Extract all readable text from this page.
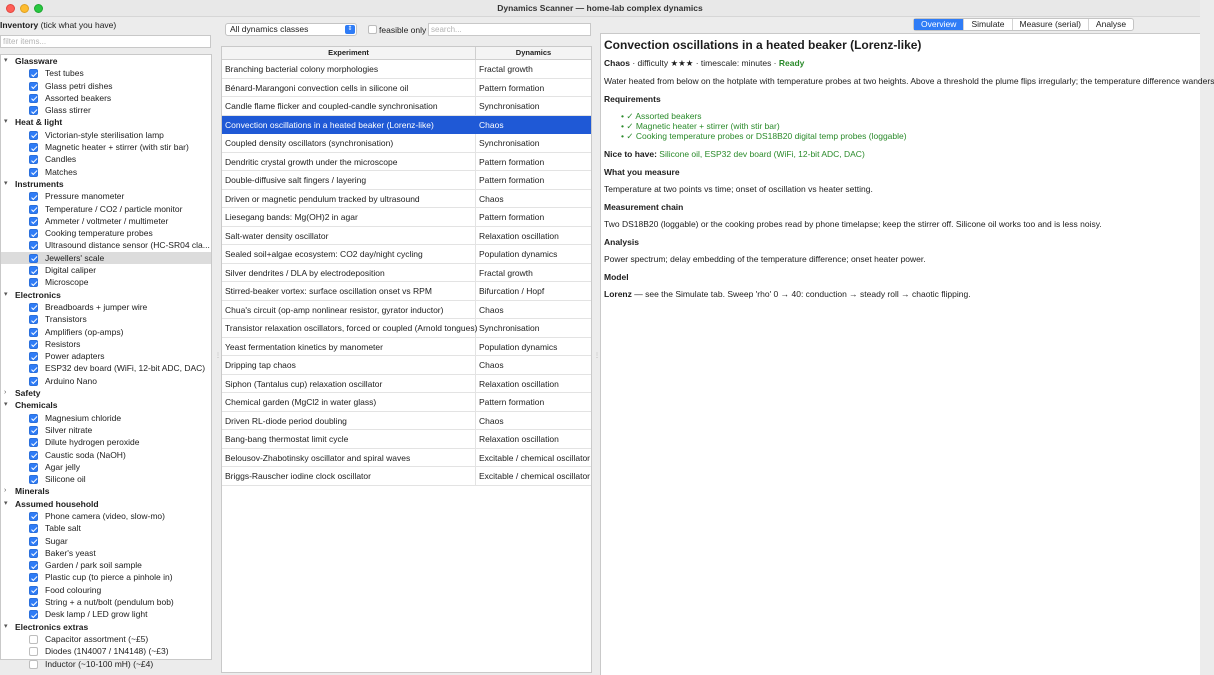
Dynamics Scanner — home-lab complex dynamics
Inventory (tick what you have)
filter items...
▾ Glassware
Test tubes
Glass petri dishes
Assorted beakers
Glass stirrer
▾ Heat & light
Victorian-style sterilisation lamp
Magnetic heater + stirrer (with stir bar)
Candles
Matches
▾ Instruments
Pressure manometer
Temperature / CO2 / particle monitor
Ammeter / voltmeter / multimeter
Cooking temperature probes
Ultrasound distance sensor (HC-SR04 cla...
Jewellers' scale
Digital caliper
Microscope
▾ Electronics
Breadboards + jumper wire
Transistors
Amplifiers (op-amps)
Resistors
Power adapters
ESP32 dev board (WiFi, 12-bit ADC, DAC)
Arduino Nano
› Safety
▾ Chemicals
Magnesium chloride
Silver nitrate
Dilute hydrogen peroxide
Caustic soda (NaOH)
Agar jelly
Silicone oil
› Minerals
▾ Assumed household
Phone camera (video, slow-mo)
Table salt
Sugar
Baker's yeast
Garden / park soil sample
Plastic cup (to pierce a pinhole in)
Food colouring
String + a nut/bolt (pendulum bob)
Desk lamp / LED grow light
▾ Electronics extras
Capacitor assortment (~£5)
Diodes (1N4007 / 1N4148) (~£3)
Inductor (~10-100 mH) (~£4)
⋮
All dynamics classes	⇕	feasible only
search...
Experiment	Dynamics
Branching bacterial colony morphologies	Fractal growth
Bénard-Marangoni convection cells in silicone oil	Pattern formation
Candle flame flicker and coupled-candle synchronisation	Synchronisation
Convection oscillations in a heated beaker (Lorenz-like)	Chaos
Coupled density oscillators (synchronisation)	Synchronisation
Dendritic crystal growth under the microscope	Pattern formation
Double-diffusive salt fingers / layering	Pattern formation
Driven or magnetic pendulum tracked by ultrasound	Chaos
Liesegang bands: Mg(OH)2 in agar	Pattern formation
Salt-water density oscillator	Relaxation oscillation
Sealed soil+algae ecosystem: CO2 day/night cycling	Population dynamics
Silver dendrites / DLA by electrodeposition	Fractal growth
Stirred-beaker vortex: surface oscillation onset vs RPM	Bifurcation / Hopf
Chua's circuit (op-amp nonlinear resistor, gyrator inductor)	Chaos
Transistor relaxation oscillators, forced or coupled (Arnold tongues) Synchronisation
Yeast fermentation kinetics by manometer	Population dynamics
Dripping tap chaos	Chaos
Siphon (Tantalus cup) relaxation oscillator	Relaxation oscillation
Chemical garden (MgCl2 in water glass)	Pattern formation
Driven RL-diode period doubling	Chaos
Bang-bang thermostat limit cycle	Relaxation oscillation
Belousov-Zhabotinsky oscillator and spiral waves	Excitable / chemical oscillator
Briggs-Rauscher iodine clock oscillator	Excitable / chemical oscillator
⋮
Overview	Simulate	Measure (serial)	Analyse
Convection oscillations in a heated beaker (Lorenz-like)
Chaos · difficulty ★★★ · timescale: minutes · Ready
Water heated from below on the hotplate with temperature probes at two heights. Above a threshold the plume flips irregularly; the temperature difference wanders
Requirements
• ✓ Assorted beakers
• ✓ Magnetic heater + stirrer (with stir bar)
• ✓ Cooking temperature probes or DS18B20 digital temp probes (loggable)
Nice to have: Silicone oil, ESP32 dev board (WiFi, 12-bit ADC, DAC)
What you measure
Temperature at two points vs time; onset of oscillation vs heater setting.
Measurement chain
Two DS18B20 (loggable) or the cooking probes read by phone timelapse; keep the stirrer off. Silicone oil works too and is less noisy.
Analysis
Power spectrum; delay embedding of the temperature difference; onset heater power.
Model
Lorenz — see the Simulate tab. Sweep 'rho' 0 → 40: conduction → steady roll → chaotic flipping.
